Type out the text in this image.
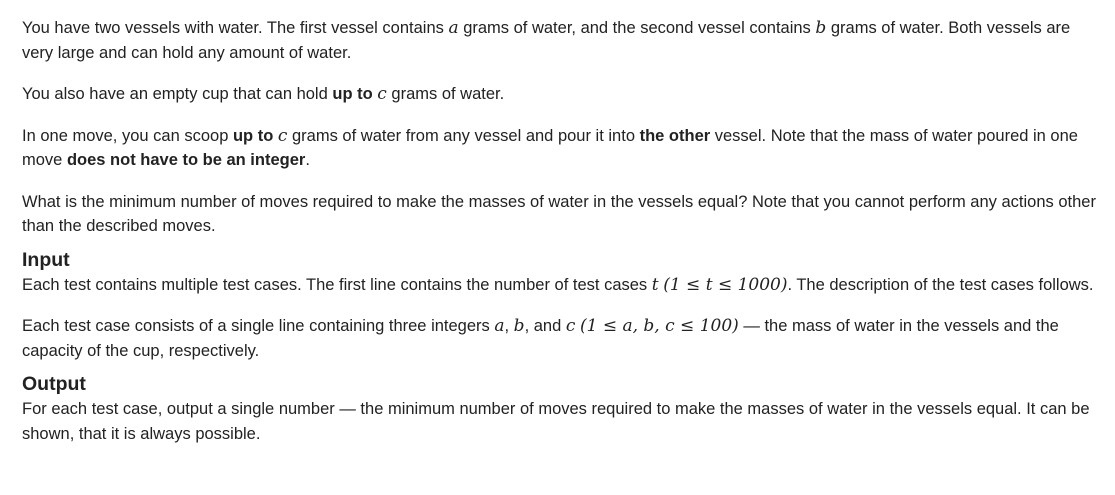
You have two vessels with water. The first vessel contains a grams of water, and the second vessel contains b grams of water. Both vessels are very large and can hold any amount of water.

You also have an empty cup that can hold up to c grams of water.

In one move, you can scoop up to c grams of water from any vessel and pour it into the other vessel. Note that the mass of water poured in one move does not have to be an integer.

What is the minimum number of moves required to make the masses of water in the vessels equal? Note that you cannot perform any actions other than the described moves.

Input

Each test contains multiple test cases. The first line contains the number of test cases t (1 ≤ t ≤ 1000). The description of the test cases follows.

Each test case consists of a single line containing three integers a, b, and c (1 ≤ a, b, c ≤ 100) — the mass of water in the vessels and the capacity of the cup, respectively.

Output

For each test case, output a single number — the minimum number of moves required to make the masses of water in the vessels equal. It can be shown, that it is always possible.
